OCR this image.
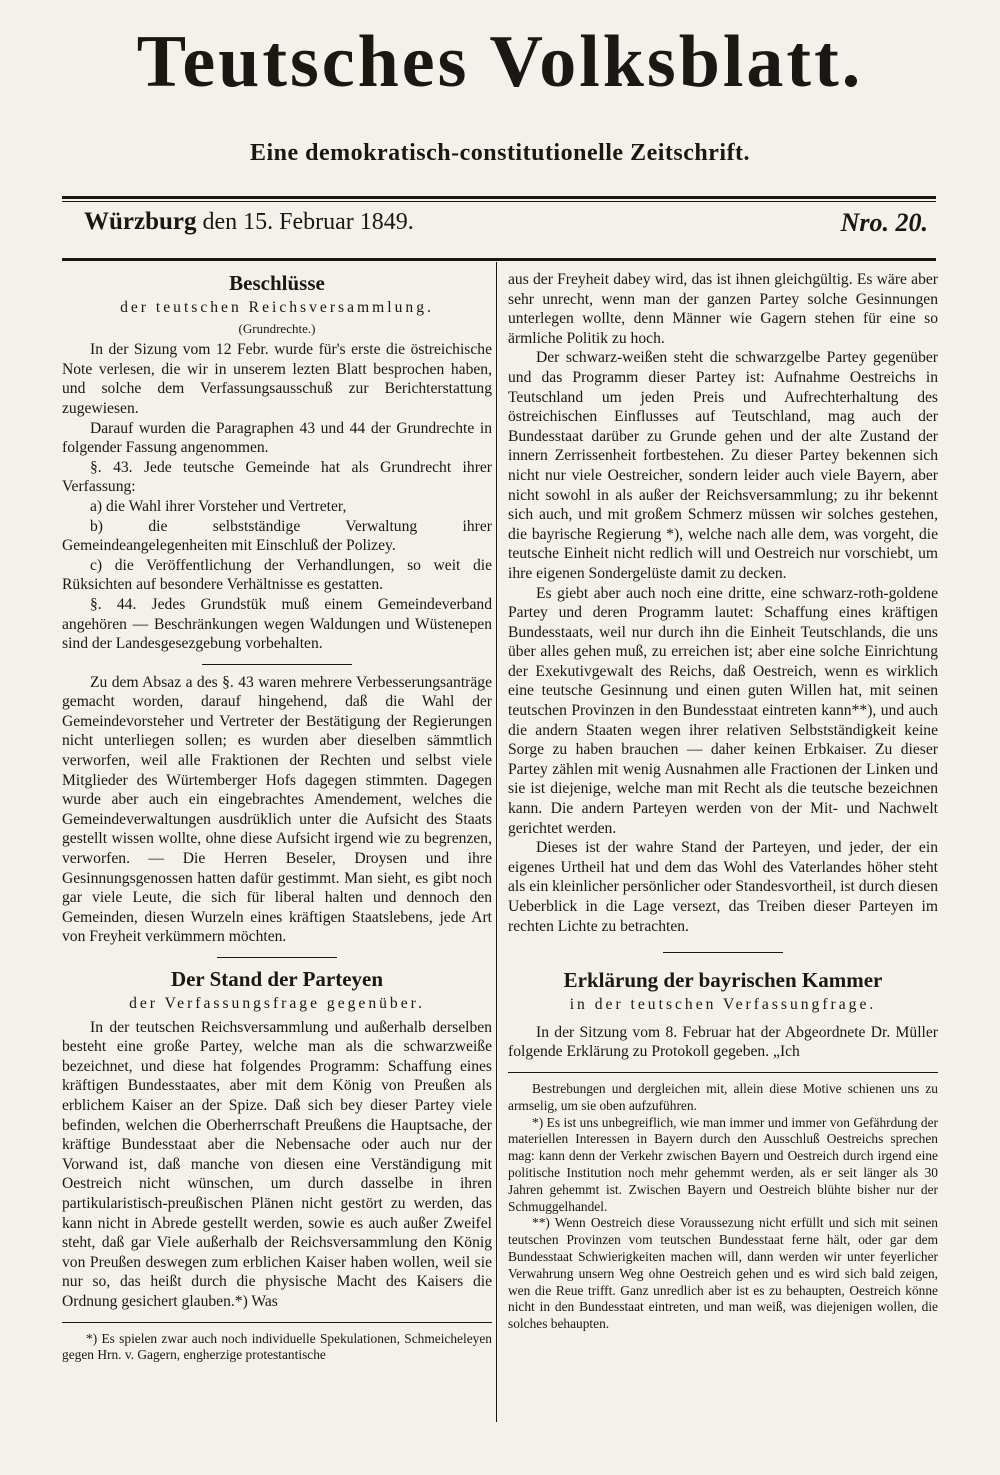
Teutsches Volksblatt.
Eine demokratisch-constitutionelle Zeitschrift.
Würzburg den 15. Februar 1849.	Nro. 20.
Beschlüsse
der teutschen Reichsversammlung.
(Grundrechte.)

In der Sizung vom 12 Febr. wurde für's erste die östreichische Note verlesen, die wir in unserem lezten Blatt besprochen haben, und solche dem Verfassungsausschuß zur Berichterstattung zugewiesen.

Darauf wurden die Paragraphen 43 und 44 der Grundrechte in folgender Fassung angenommen.

§. 43. Jede teutsche Gemeinde hat als Grundrecht ihrer Verfassung:

a) die Wahl ihrer Vorsteher und Vertreter,

b) die selbstständige Verwaltung ihrer Gemeindeangelegenheiten mit Einschluß der Polizey.

c) die Veröffentlichung der Verhandlungen, so weit die Rüksichten auf besondere Verhältnisse es gestatten.

§. 44. Jedes Grundstük muß einem Gemeindeverband angehören — Beschränkungen wegen Waldungen und Wüstenepen sind der Landesgesezgebung vorbehalten.

Zu dem Absaz a des §. 43 waren mehrere Verbesserungsanträge gemacht worden, darauf hingehend, daß die Wahl der Gemeindevorsteher und Vertreter der Bestätigung der Regierungen nicht unterliegen sollen; es wurden aber dieselben sämmtlich verworfen, weil alle Fraktionen der Rechten und selbst viele Mitglieder des Würtemberger Hofs dagegen stimmten. Dagegen wurde aber auch ein eingebrachtes Amendement, welches die Gemeindeverwaltungen ausdrüklich unter die Aufsicht des Staats gestellt wissen wollte, ohne diese Aufsicht irgend wie zu begrenzen, verworfen. — Die Herren Beseler, Droysen und ihre Gesinnungsgenossen hatten dafür gestimmt. Man sieht, es gibt noch gar viele Leute, die sich für liberal halten und dennoch den Gemeinden, diesen Wurzeln eines kräftigen Staatslebens, jede Art von Freyheit verkümmern möchten.

Der Stand der Parteyen
der Verfassungsfrage gegenüber.

In der teutschen Reichsversammlung und außerhalb derselben besteht eine große Partey, welche man als die schwarzweiße bezeichnet, und diese hat folgendes Programm: Schaffung eines kräftigen Bundesstaates, aber mit dem König von Preußen als erblichem Kaiser an der Spize. Daß sich bey dieser Partey viele befinden, welchen die Oberherrschaft Preußens die Hauptsache, der kräftige Bundesstaat aber die Nebensache oder auch nur der Vorwand ist, daß manche von diesen eine Verständigung mit Oestreich nicht wünschen, um durch dasselbe in ihren partikularistisch-preußischen Plänen nicht gestört zu werden, das kann nicht in Abrede gestellt werden, sowie es auch außer Zweifel steht, daß gar Viele außerhalb der Reichsversammlung den König von Preußen deswegen zum erblichen Kaiser haben wollen, weil sie nur so, das heißt durch die physische Macht des Kaisers die Ordnung gesichert glauben.*) Was

*) Es spielen zwar auch noch individuelle Spekulationen, Schmeicheleyen gegen Hrn. v. Gagern, engherzige protestantische

aus der Freyheit dabey wird, das ist ihnen gleichgültig. Es wäre aber sehr unrecht, wenn man der ganzen Partey solche Gesinnungen unterlegen wollte, denn Männer wie Gagern stehen für eine so ärmliche Politik zu hoch.

Der schwarz-weißen steht die schwarzgelbe Partey gegenüber und das Programm dieser Partey ist: Aufnahme Oestreichs in Teutschland um jeden Preis und Aufrechterhaltung des östreichischen Einflusses auf Teutschland, mag auch der Bundesstaat darüber zu Grunde gehen und der alte Zustand der innern Zerrissenheit fortbestehen. Zu dieser Partey bekennen sich nicht nur viele Oestreicher, sondern leider auch viele Bayern, aber nicht sowohl in als außer der Reichsversammlung; zu ihr bekennt sich auch, und mit großem Schmerz müssen wir solches gestehen, die bayrische Regierung *), welche nach alle dem, was vorgeht, die teutsche Einheit nicht redlich will und Oestreich nur vorschiebt, um ihre eigenen Sondergelüste damit zu decken.

Es giebt aber auch noch eine dritte, eine schwarz-roth-goldene Partey und deren Programm lautet: Schaffung eines kräftigen Bundesstaats, weil nur durch ihn die Einheit Teutschlands, die uns über alles gehen muß, zu erreichen ist; aber eine solche Einrichtung der Exekutivgewalt des Reichs, daß Oestreich, wenn es wirklich eine teutsche Gesinnung und einen guten Willen hat, mit seinen teutschen Provinzen in den Bundesstaat eintreten kann**), und auch die andern Staaten wegen ihrer relativen Selbstständigkeit keine Sorge zu haben brauchen — daher keinen Erbkaiser. Zu dieser Partey zählen mit wenig Ausnahmen alle Fractionen der Linken und sie ist diejenige, welche man mit Recht als die teutsche bezeichnen kann. Die andern Parteyen werden von der Mit- und Nachwelt gerichtet werden.

Dieses ist der wahre Stand der Parteyen, und jeder, der ein eigenes Urtheil hat und dem das Wohl des Vaterlandes höher steht als ein kleinlicher persönlicher oder Standesvortheil, ist durch diesen Ueberblick in die Lage versezt, das Treiben dieser Parteyen im rechten Lichte zu betrachten.

Erklärung der bayrischen Kammer
in der teutschen Verfassungfrage.

In der Sitzung vom 8. Februar hat der Abgeordnete Dr. Müller folgende Erklärung zu Protokoll gegeben. „Ich

Bestrebungen und dergleichen mit, allein diese Motive schienen uns zu armselig, um sie oben aufzuführen.

*) Es ist uns unbegreiflich, wie man immer und immer von Gefährdung der materiellen Interessen in Bayern durch den Ausschluß Oestreichs sprechen mag: kann denn der Verkehr zwischen Bayern und Oestreich durch irgend eine politische Institution noch mehr gehemmt werden, als er seit länger als 30 Jahren gehemmt ist. Zwischen Bayern und Oestreich blühte bisher nur der Schmuggelhandel.

**) Wenn Oestreich diese Voraussezung nicht erfüllt und sich mit seinen teutschen Provinzen vom teutschen Bundesstaat ferne hält, oder gar dem Bundesstaat Schwierigkeiten machen will, dann werden wir unter feyerlicher Verwahrung unsern Weg ohne Oestreich gehen und es wird sich bald zeigen, wen die Reue trifft. Ganz unredlich aber ist es zu behaupten, Oestreich könne nicht in den Bundesstaat eintreten, und man weiß, was diejenigen wollen, die solches behaupten.
